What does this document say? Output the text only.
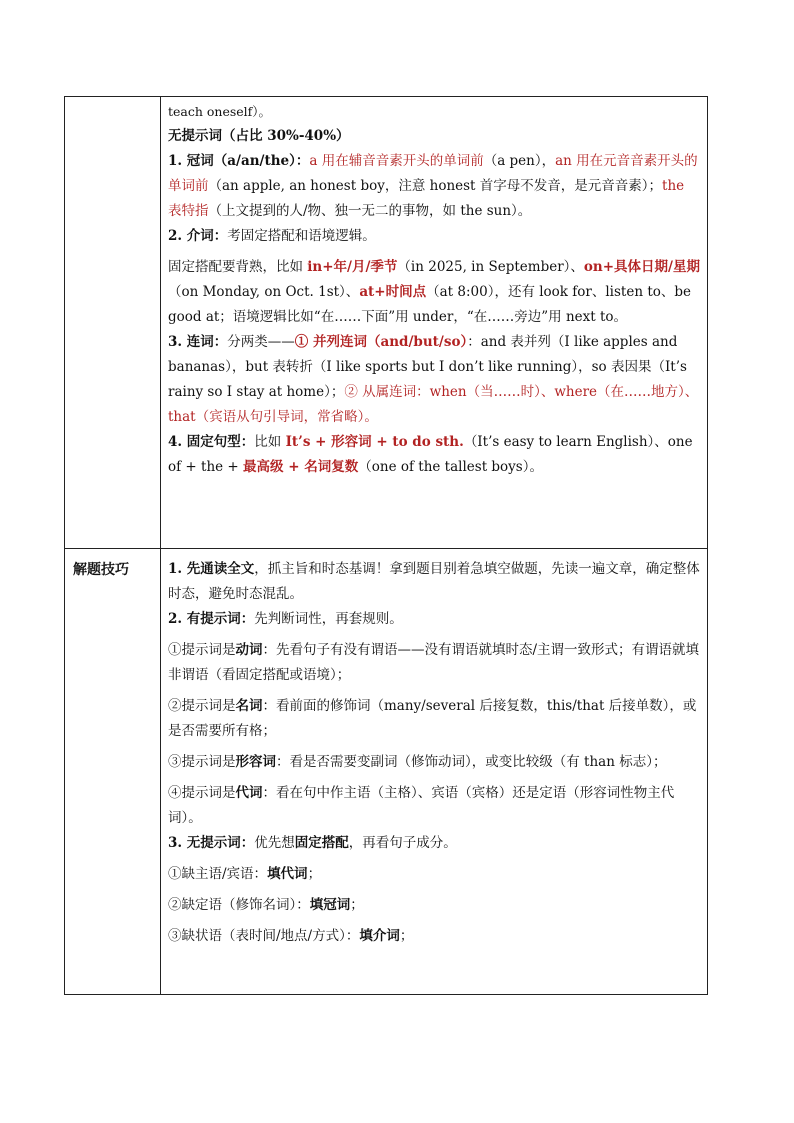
解题技巧

teach oneself）。

无提示词（占比 30%-40%）

1. 冠词（a/an/the）：a 用在辅音音素开头的单词前（a pen），an 用在元音音素开头的单词前（an apple, an honest boy，注意 honest 首字母不发音，是元音音素）；the 表特指（上文提到的人/物、独一无二的事物，如 the sun）。

2. 介词：考固定搭配和语境逻辑。

固定搭配要背熟，比如 in+年/月/季节（in 2025, in September）、on+具体日期/星期（on Monday, on Oct. 1st）、at+时间点（at 8:00），还有 look for、listen to、be good at；语境逻辑比如“在……下面”用 under，“在……旁边”用 next to。

3. 连词：分两类——① 并列连词（and/but/so）：and 表并列（I like apples and bananas），but 表转折（I like sports but I don’t like running），so 表因果（It’s rainy so I stay at home）；② 从属连词：when（当……时）、where（在……地方）、that（宾语从句引导词，常省略）。

4. 固定句型：比如 It’s + 形容词 + to do sth.（It’s easy to learn English）、one of + the + 最高级 + 名词复数（one of the tallest boys）。

1. 先通读全文，抓主旨和时态基调！拿到题目别着急填空做题，先读一遍文章，确定整体时态，避免时态混乱。

2. 有提示词：先判断词性，再套规则。

①提示词是动词：先看句子有没有谓语——没有谓语就填时态/主谓一致形式；有谓语就填非谓语（看固定搭配或语境）；

②提示词是名词：看前面的修饰词（many/several 后接复数，this/that 后接单数），或是否需要所有格；

③提示词是形容词：看是否需要变副词（修饰动词），或变比较级（有 than 标志）；

④提示词是代词：看在句中作主语（主格）、宾语（宾格）还是定语（形容词性物主代词）。

3. 无提示词：优先想固定搭配，再看句子成分。

①缺主语/宾语：填代词；

②缺定语（修饰名词）：填冠词；

③缺状语（表时间/地点/方式）：填介词；
